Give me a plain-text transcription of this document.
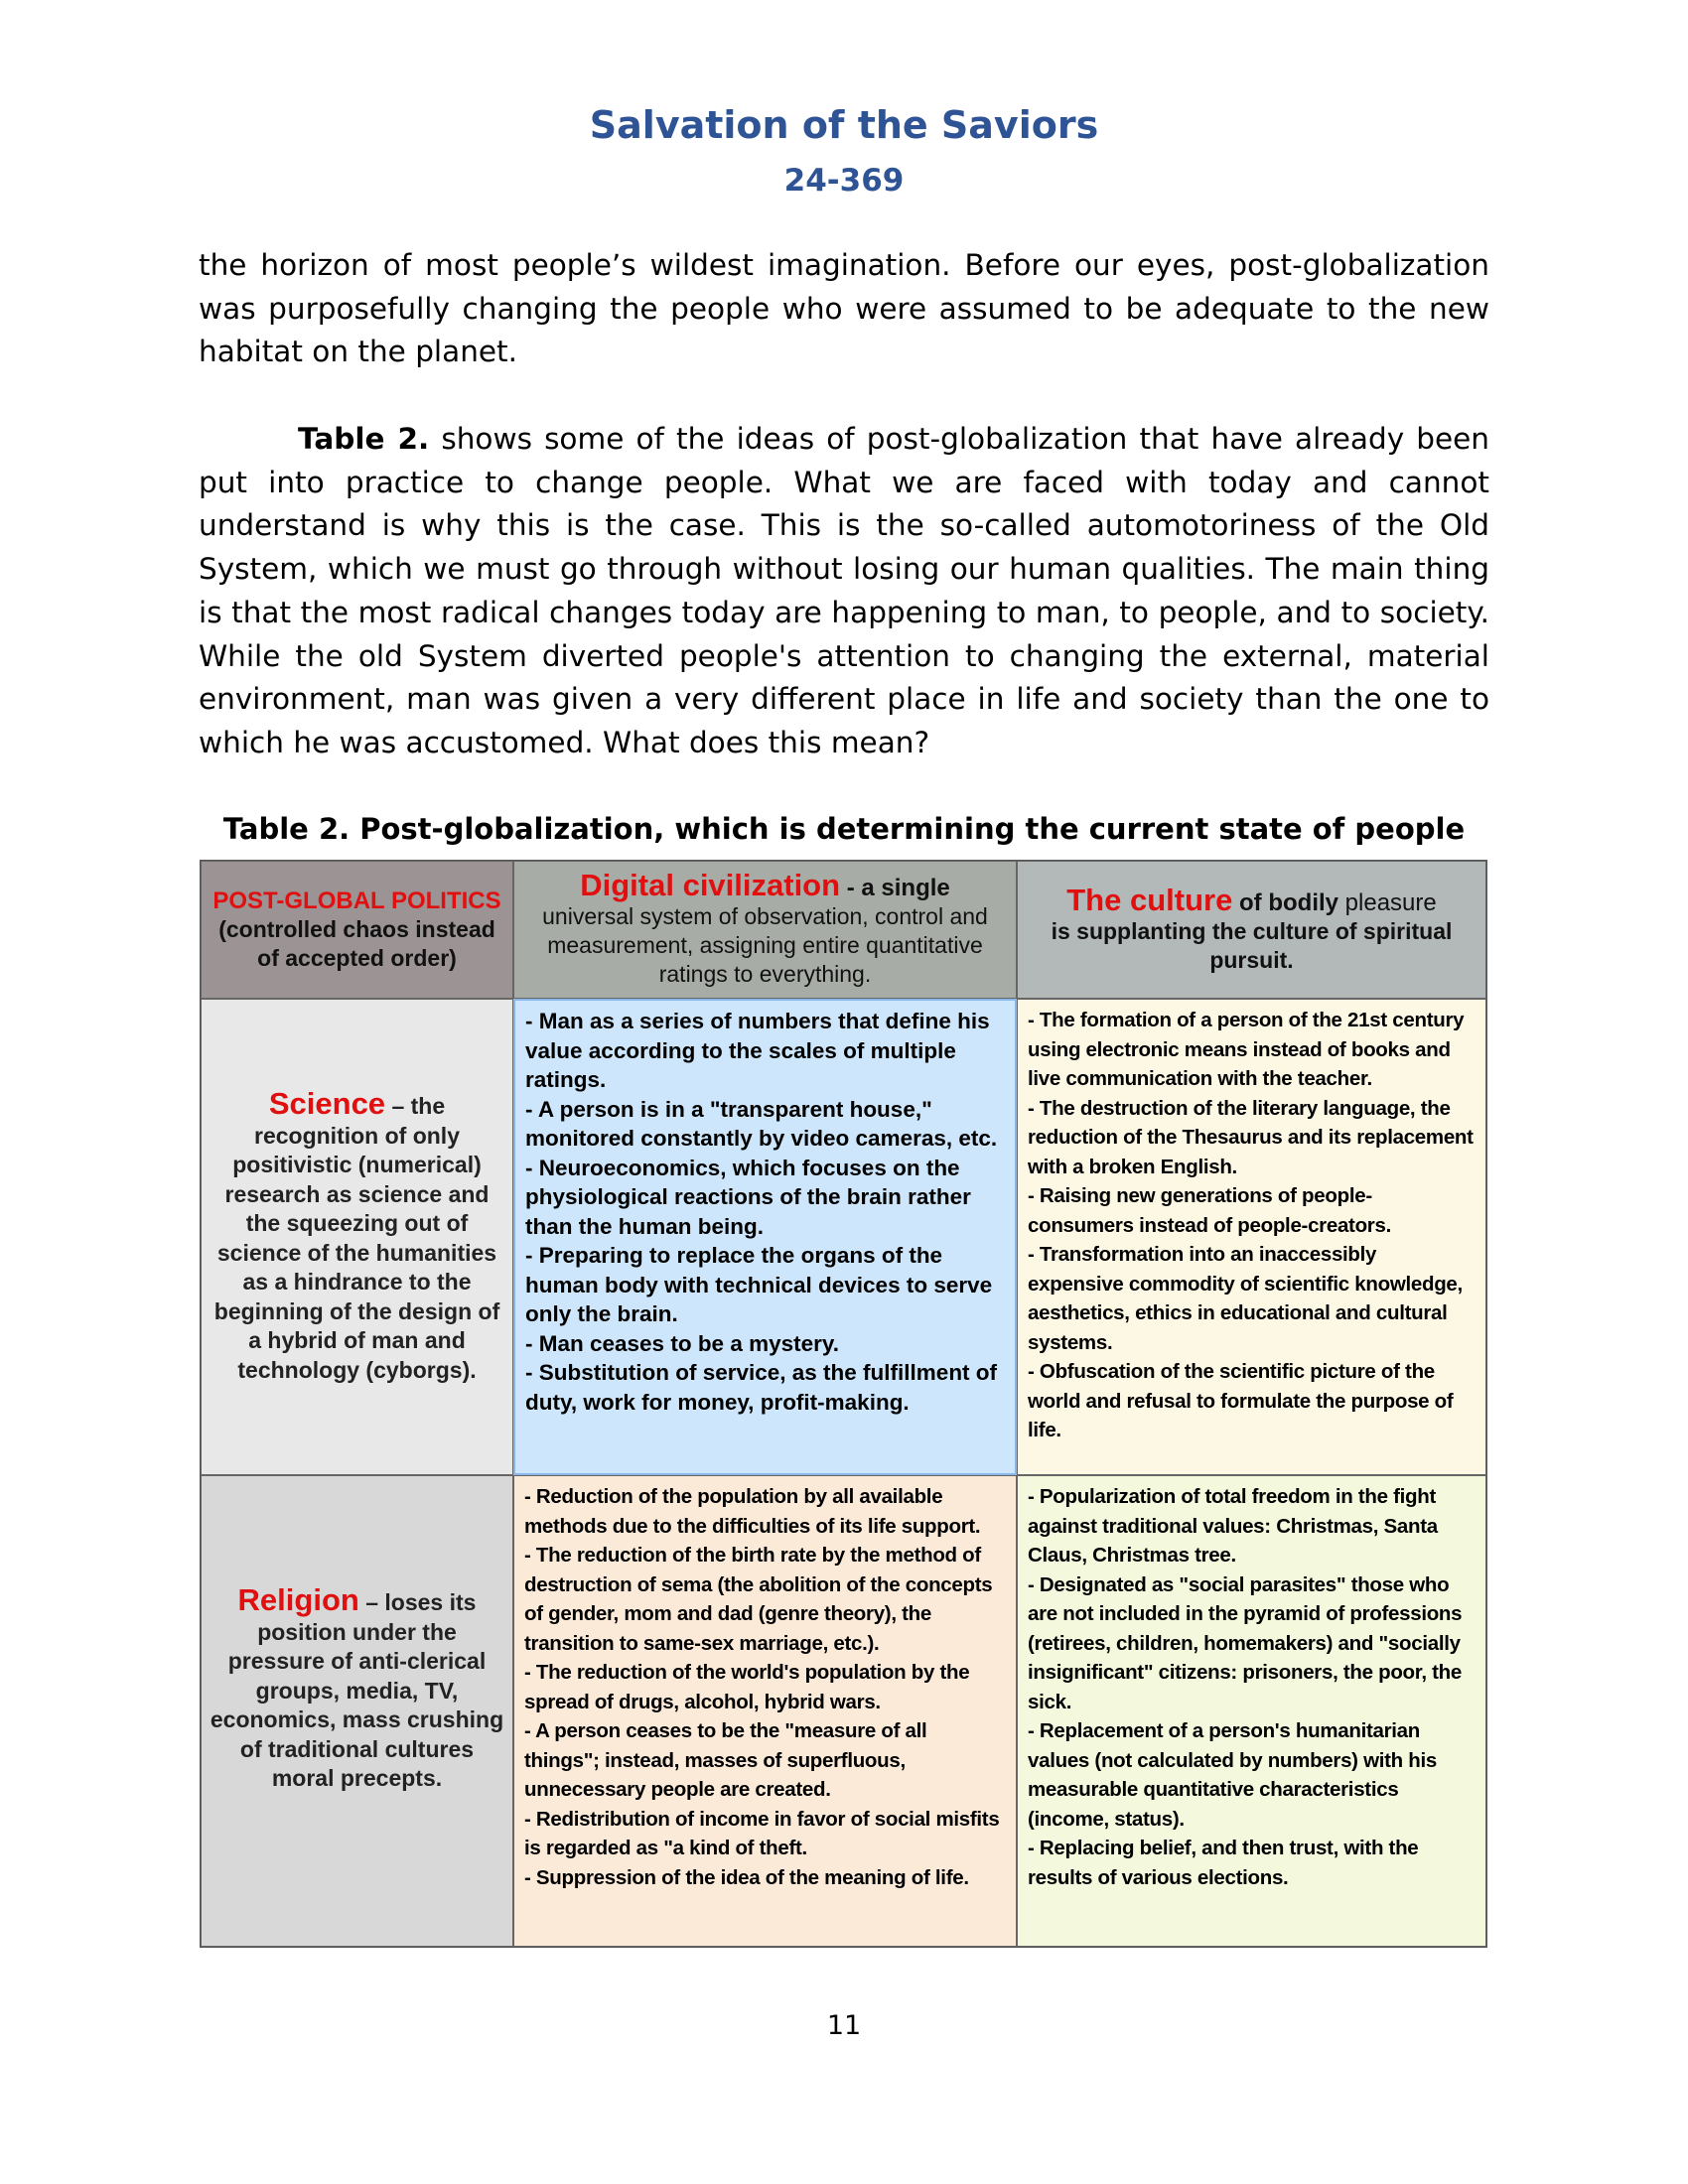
Salvation of the Saviors
24-369

the horizon of most people’s wildest imagination. Before our eyes, post-globalization was purposefully changing the people who were assumed to be adequate to the new habitat on the planet.

Table 2. shows some of the ideas of post-globalization that have already been put into practice to change people. What we are faced with today and cannot understand is why this is the case. This is the so-called automotoriness of the Old System, which we must go through without losing our human qualities. The main thing is that the most radical changes today are happening to man, to people, and to society. While the old System diverted people's attention to changing the external, material environment, man was given a very different place in life and society than the one to which he was accustomed. What does this mean?

Table 2. Post-globalization, which is determining the current state of people

POST-GLOBAL POLITICS
(controlled chaos instead of accepted order)
Digital civilization - a single
universal system of observation, control and measurement, assigning entire quantitative ratings to everything.
The culture of bodily pleasure
is supplanting the culture of spiritual pursuit.
Science – the recognition of only positivistic (numerical) research as science and the squeezing out of science of the humanities as a hindrance to the beginning of the design of a hybrid of man and technology (cyborgs).
- Man as a series of numbers that define his value according to the scales of multiple ratings.
- A person is in a "transparent house," monitored constantly by video cameras, etc.
- Neuroeconomics, which focuses on the physiological reactions of the brain rather than the human being.
- Preparing to replace the organs of the human body with technical devices to serve only the brain.
- Man ceases to be a mystery.
- Substitution of service, as the fulfillment of duty, work for money, profit-making.
- The formation of a person of the 21st century using electronic means instead of books and live communication with the teacher.
- The destruction of the literary language, the reduction of the Thesaurus and its replacement with a broken English.
- Raising new generations of people-consumers instead of people-creators.
- Transformation into an inaccessibly expensive commodity of scientific knowledge, aesthetics, ethics in educational and cultural systems.
- Obfuscation of the scientific picture of the world and refusal to formulate the purpose of life.
Religion – loses its position under the pressure of anti-clerical groups, media, TV, economics, mass crushing of traditional cultures moral precepts.
- Reduction of the population by all available methods due to the difficulties of its life support.
- The reduction of the birth rate by the method of destruction of sema (the abolition of the concepts of gender, mom and dad (genre theory), the transition to same-sex marriage, etc.).
- The reduction of the world's population by the spread of drugs, alcohol, hybrid wars.
- A person ceases to be the "measure of all things"; instead, masses of superfluous, unnecessary people are created.
- Redistribution of income in favor of social misfits is regarded as "a kind of theft.
- Suppression of the idea of the meaning of life.
- Popularization of total freedom in the fight against traditional values: Christmas, Santa Claus, Christmas tree.
- Designated as "social parasites" those who are not included in the pyramid of professions (retirees, children, homemakers) and "socially insignificant" citizens: prisoners, the poor, the sick.
- Replacement of a person's humanitarian values (not calculated by numbers) with his measurable quantitative characteristics (income, status).
- Replacing belief, and then trust, with the results of various elections.
11
